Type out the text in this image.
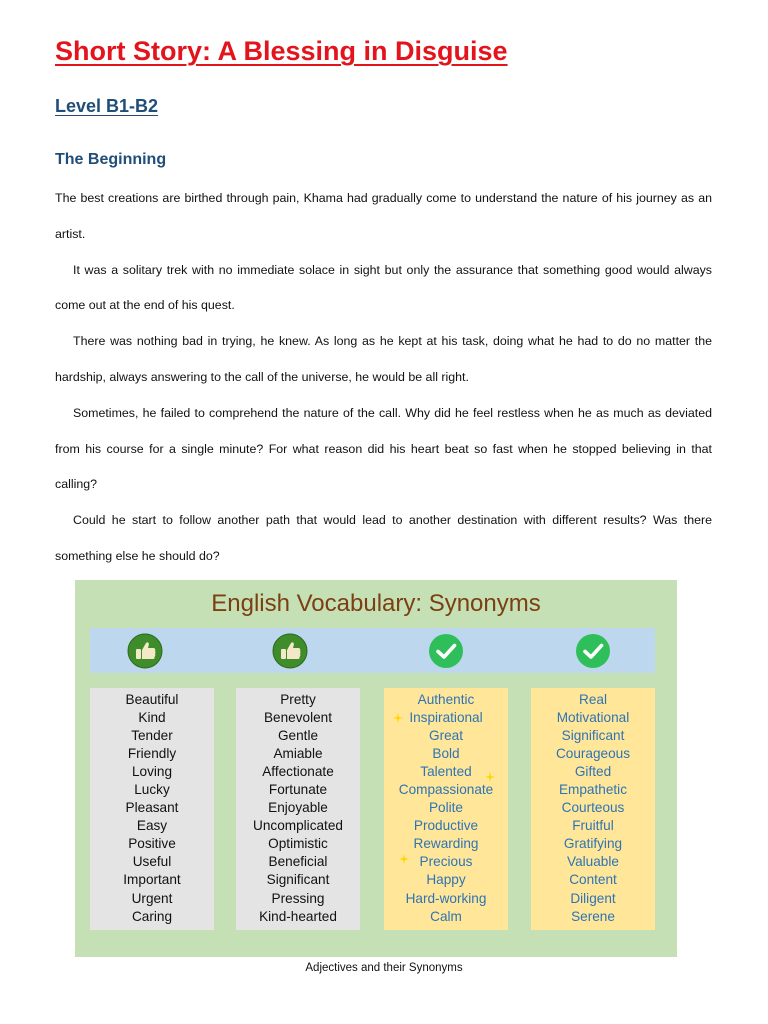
Short Story: A Blessing in Disguise
Level B1-B2
The Beginning

The best creations are birthed through pain, Khama had gradually come to understand the nature of his journey as an artist.

It was a solitary trek with no immediate solace in sight but only the assurance that something good would always come out at the end of his quest.

There was nothing bad in trying, he knew. As long as he kept at his task, doing what he had to do no matter the hardship, always answering to the call of the universe, he would be all right.

Sometimes, he failed to comprehend the nature of the call. Why did he feel restless when he as much as deviated from his course for a single minute? For what reason did his heart beat so fast when he stopped believing in that calling?

Could he start to follow another path that would lead to another destination with different results? Was there something else he should do?

English Vocabulary: Synonyms
Beautiful
Kind
Tender
Friendly
Loving
Lucky
Pleasant
Easy
Positive
Useful
Important
Urgent
Caring
Pretty
Benevolent
Gentle
Amiable
Affectionate
Fortunate
Enjoyable
Uncomplicated
Optimistic
Beneficial
Significant
Pressing
Kind-hearted
Authentic
Inspirational
Great
Bold
Talented
Compassionate
Polite
Productive
Rewarding
Precious
Happy
Hard-working
Calm
Real
Motivational
Significant
Courageous
Gifted
Empathetic
Courteous
Fruitful
Gratifying
Valuable
Content
Diligent
Serene
Adjectives and their Synonyms
